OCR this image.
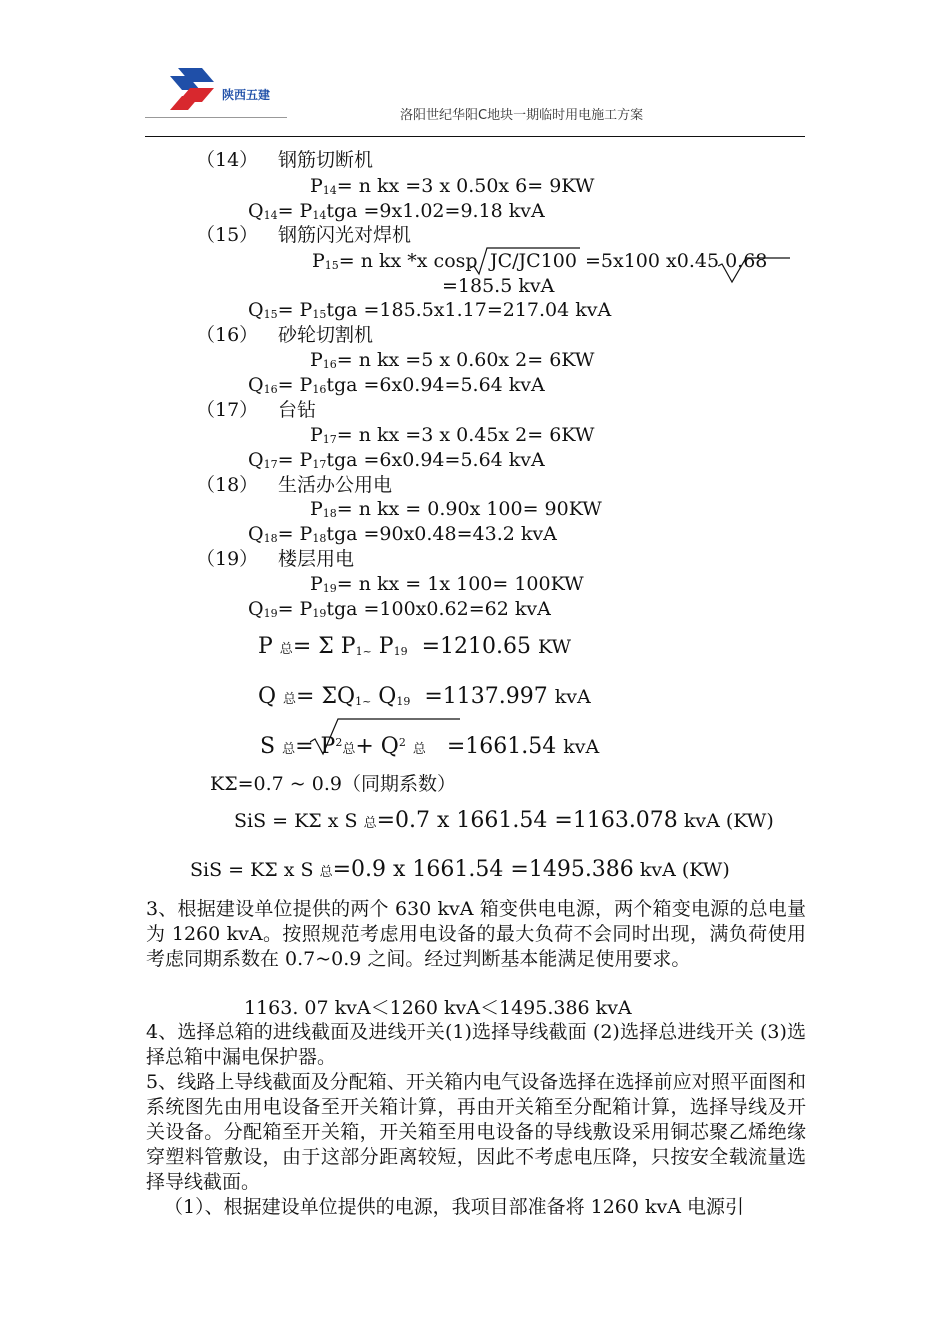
陕西五建
洛阳世纪华阳C地块一期临时用电施工方案
（14） 钢筋切断机
$P_{14}= n$ kx =3 x 0.50x 6= 9KW
$Q_{14}= P_{14}tga =9x1.02=9.18$ kvA
（15） 钢筋闪光对焊机
$P_{15}= n$ kx *x cosp JC/JC100 =5x100 x0.45 0.68
=185.5 kvA
$Q_{15}= P_{15}tga =185.5x1.17=217.04$ kvA
（16） 砂轮切割机
$P_{16}= n$ kx =5 x 0.60x 2= 6KW
$Q_{16}= P_{16}tga =6x0.94=5.64$ kvA
（17） 台钻
$P_{17}= n$ kx =3 x 0.45x 2= 6KW
$Q_{17}= P_{17}tga =6x0.94=5.64$ kvA
（18） 生活办公用电
$P_{18}= n$ kx = 0.90x 100= 90KW
$Q_{18}= P_{18}tga =90x0.48=43.2$ kvA
（19） 楼层用电
$P_{19}= n$ kx = 1x 100= 100KW
$Q_{19}= P_{19}tga =100x0.62=62$ kvA
P 总= Σ $P_{1\sim}$ $P_{19} =1210.65$ KW
Q 总= $\Sigma Q_{1\sim}$ $Q_{19} =1137.997$ kvA
S 总= $P^2$总+ $Q^2$ 总 =1661.54 kvA
KΣ=0.7 ~ 0.9（同期系数）
SiS = KΣ x S 总=0.7 x 1661.54 =1163.078 kvA (KW)
SiS = KΣ x S 总=0.9 x 1661.54 =1495.386 kvA (KW)
3、根据建设单位提供的两个 630 kvA 箱变供电电源，两个箱变电源的总电量为 1260 kvA。按照规范考虑用电设备的最大负荷不会同时出现，满负荷使用考虑同期系数在 0.7~0.9 之间。经过判断基本能满足使用要求。
1163. 07 kvA＜1260 kvA＜1495.386 kvA
4、选择总箱的进线截面及进线开关(1)选择导线截面 (2)选择总进线开关 (3)选择总箱中漏电保护器。
5、线路上导线截面及分配箱、开关箱内电气设备选择在选择前应对照平面图和系统图先由用电设备至开关箱计算，再由开关箱至分配箱计算，选择导线及开关设备。分配箱至开关箱，开关箱至用电设备的导线敷设采用铜芯聚乙烯绝缘穿塑料管敷设，由于这部分距离较短，因此不考虑电压降，只按安全载流量选择导线截面。
（1）、根据建设单位提供的电源，我项目部准备将 1260 kvA 电源引
